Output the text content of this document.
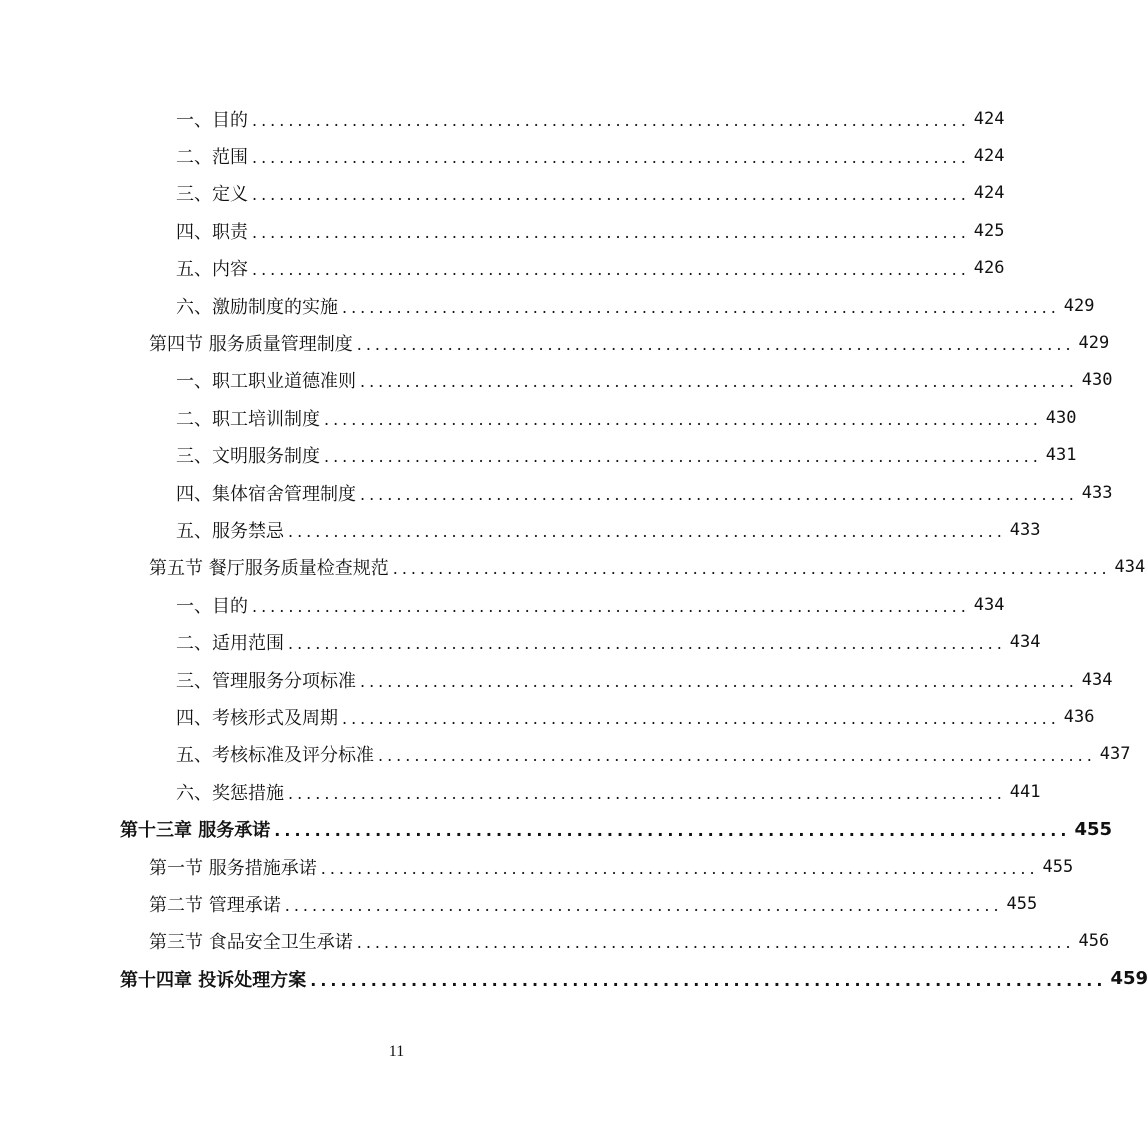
一、目的 ............................................................................... 424
二、范围 ............................................................................... 424
三、定义 ............................................................................... 424
四、职责 ............................................................................... 425
五、内容 ............................................................................... 426
六、激励制度的实施 ............................................................................... 429
第四节 服务质量管理制度 ............................................................................... 429
一、职工职业道德准则 ............................................................................... 430
二、职工培训制度 ............................................................................... 430
三、文明服务制度 ............................................................................... 431
四、集体宿舍管理制度 ............................................................................... 433
五、服务禁忌 ............................................................................... 433
第五节 餐厅服务质量检查规范 ............................................................................... 434
一、目的 ............................................................................... 434
二、适用范围 ............................................................................... 434
三、管理服务分项标准 ............................................................................... 434
四、考核形式及周期 ............................................................................... 436
五、考核标准及评分标准 ............................................................................... 437
六、奖惩措施 ............................................................................... 441
第十三章 服务承诺 ............................................................................... 455
第一节 服务措施承诺 ............................................................................... 455
第二节 管理承诺 ............................................................................... 455
第三节 食品安全卫生承诺 ............................................................................... 456
第十四章 投诉处理方案 ............................................................................... 459
11
